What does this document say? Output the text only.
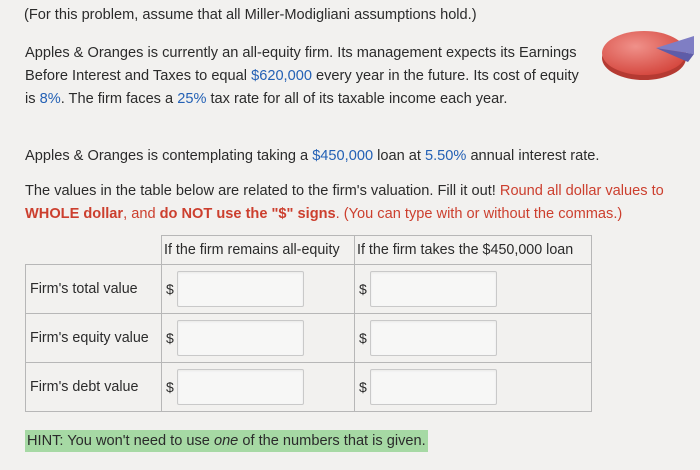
(For this problem, assume that all Miller-Modigliani assumptions hold.)

Apples & Oranges is currently an all-equity firm. Its management expects its Earnings Before Interest and Taxes to equal $620,000 every year in the future. Its cost of equity is 8%. The firm faces a 25% tax rate for all of its taxable income each year.

Apples & Oranges is contemplating taking a $450,000 loan at 5.50% annual interest rate.

The values in the table below are related to the firm's valuation. Fill it out! Round all dollar values to WHOLE dollar, and do NOT use the "$" signs. (You can type with or without the commas.)

	If the firm remains all-equity	If the firm takes the $450,000 loan
Firm's total value	$	$

Firm's equity value	$	$

Firm's debt value	$	$
HINT: You won't need to use one of the numbers that is given.
